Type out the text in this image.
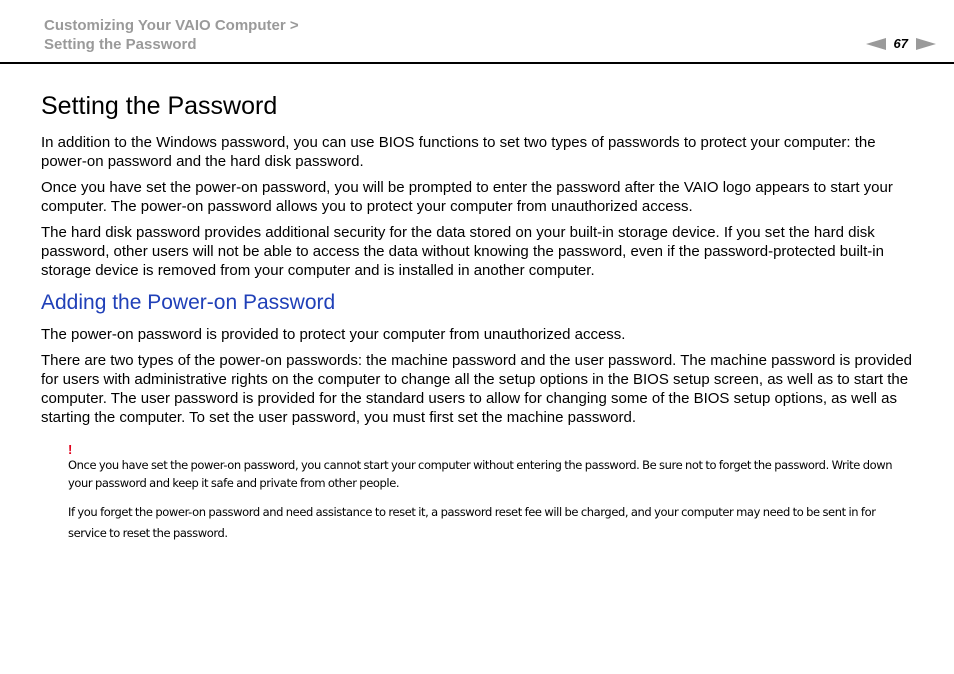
Customizing Your VAIO Computer >
Setting the Password	67
Setting the Password

In addition to the Windows password, you can use BIOS functions to set two types of passwords to protect your computer: the power-on password and the hard disk password.

Once you have set the power-on password, you will be prompted to enter the password after the VAIO logo appears to start your computer. The power-on password allows you to protect your computer from unauthorized access.

The hard disk password provides additional security for the data stored on your built-in storage device. If you set the hard disk password, other users will not be able to access the data without knowing the password, even if the password-protected built-in storage device is removed from your computer and is installed in another computer.

Adding the Power-on Password

The power-on password is provided to protect your computer from unauthorized access.

There are two types of the power-on passwords: the machine password and the user password. The machine password is provided for users with administrative rights on the computer to change all the setup options in the BIOS setup screen, as well as to start the computer. The user password is provided for the standard users to allow for changing some of the BIOS setup options, as well as starting the computer. To set the user password, you must first set the machine password.

!

Once you have set the power-on password, you cannot start your computer without entering the password. Be sure not to forget the password. Write down your password and keep it safe and private from other people.

If you forget the power-on password and need assistance to reset it, a password reset fee will be charged, and your computer may need to be sent in for service to reset the password.
